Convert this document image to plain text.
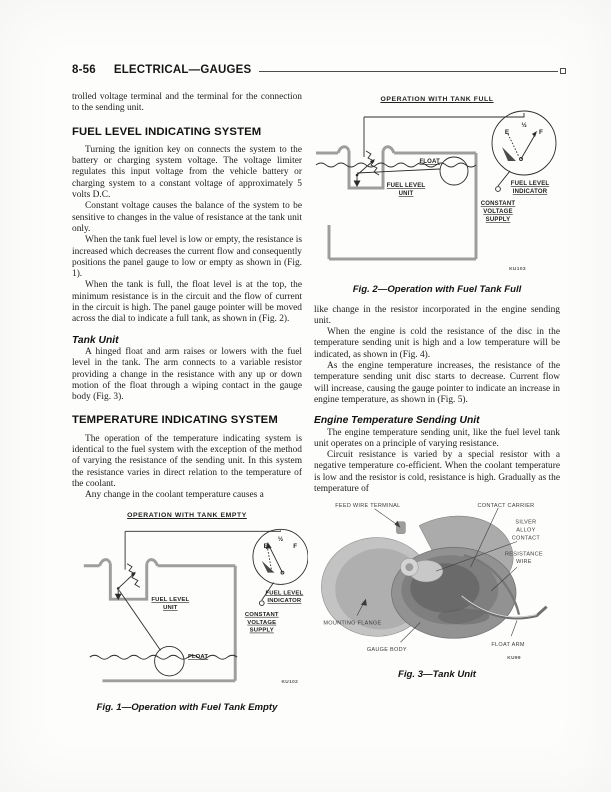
8-56 ELECTRICAL—GAUGES

trolled voltage terminal and the terminal for the connection to the sending unit.

FUEL LEVEL INDICATING SYSTEM

Turning the ignition key on connects the system to the battery or charging system voltage. The voltage limiter regulates this input voltage from the vehicle battery or charging system to a constant voltage of approximately 5 volts D.C.

Constant voltage causes the balance of the system to be sensitive to changes in the value of resistance at the tank unit only.

When the tank fuel level is low or empty, the resistance is increased which decreases the current flow and consequently positions the panel gauge to low or empty as shown in (Fig. 1).

When the tank is full, the float level is at the top, the minimum resistance is in the circuit and the flow of current in the circuit is high. The panel gauge pointer will be moved across the dial to indicate a full tank, as shown in (Fig. 2).

Tank Unit

A hinged float and arm raises or lowers with the fuel level in the tank. The arm connects to a variable resistor providing a change in the resistance with any up or down motion of the float through a wiping contact in the gauge body (Fig. 3).

TEMPERATURE INDICATING SYSTEM

The operation of the temperature indicating system is identical to the fuel system with the exception of the method of varying the resistance of the sending unit. In this system the resistance varies in direct relation to the temperature of the coolant.

Any change in the coolant temperature causes a

OPERATION WITH TANK EMPTY
E
½
F
FUEL LEVEL
UNIT
FUEL LEVEL
INDICATOR
CONSTANT
VOLTAGE
SUPPLY
FLOAT
KU102
Fig. 1—Operation with Fuel Tank Empty
OPERATION WITH TANK FULL
E
½
F
FLOAT
FUEL LEVEL
UNIT
FUEL LEVEL
INDICATOR
CONSTANT
VOLTAGE
SUPPLY
KU103
Fig. 2—Operation with Fuel Tank Full

like change in the resistor incorporated in the engine sending unit.

When the engine is cold the resistance of the disc in the temperature sending unit is high and a low temperature will be indicated, as shown in (Fig. 4).

As the engine temperature increases, the resistance of the temperature sending unit disc starts to decrease. Current flow will increase, causing the gauge pointer to indicate an increase in engine temperature, as shown in (Fig. 5).

Engine Temperature Sending Unit

The engine temperature sending unit, like the fuel level tank unit operates on a principle of varying resistance.

Circuit resistance is varied by a special resistor with a negative temperature co-efficient. When the coolant temperature is low and the resistor is cold, resistance is high. Gradually as the temperature of

FEED WIRE TERMINAL	CONTACT CARRIER
SILVER
ALLOY
CONTACT
RESISTANCE
WIRE
MOUNTING FLANGE
GAUGE BODY
FLOAT ARM
KU99
Fig. 3—Tank Unit
